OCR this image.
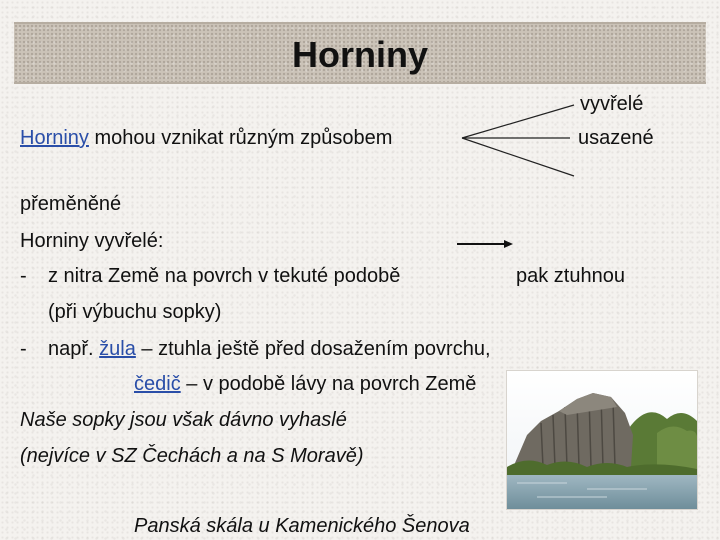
Horniny
Horniny mohou vznikat různým způsobem
vyvřelé
usazené
přeměněné
Horniny vyvřelé:
- z nitra Země na povrch v tekuté podobě	pak ztuhnou
(při výbuchu sopky)
- např. žula – ztuhla ještě před dosažením povrchu,
čedič – v podobě lávy na povrch Země
Naše sopky jsou však dávno vyhaslé
(nejvíce v SZ Čechách a na S Moravě)
Panská skála u Kamenického Šenova
